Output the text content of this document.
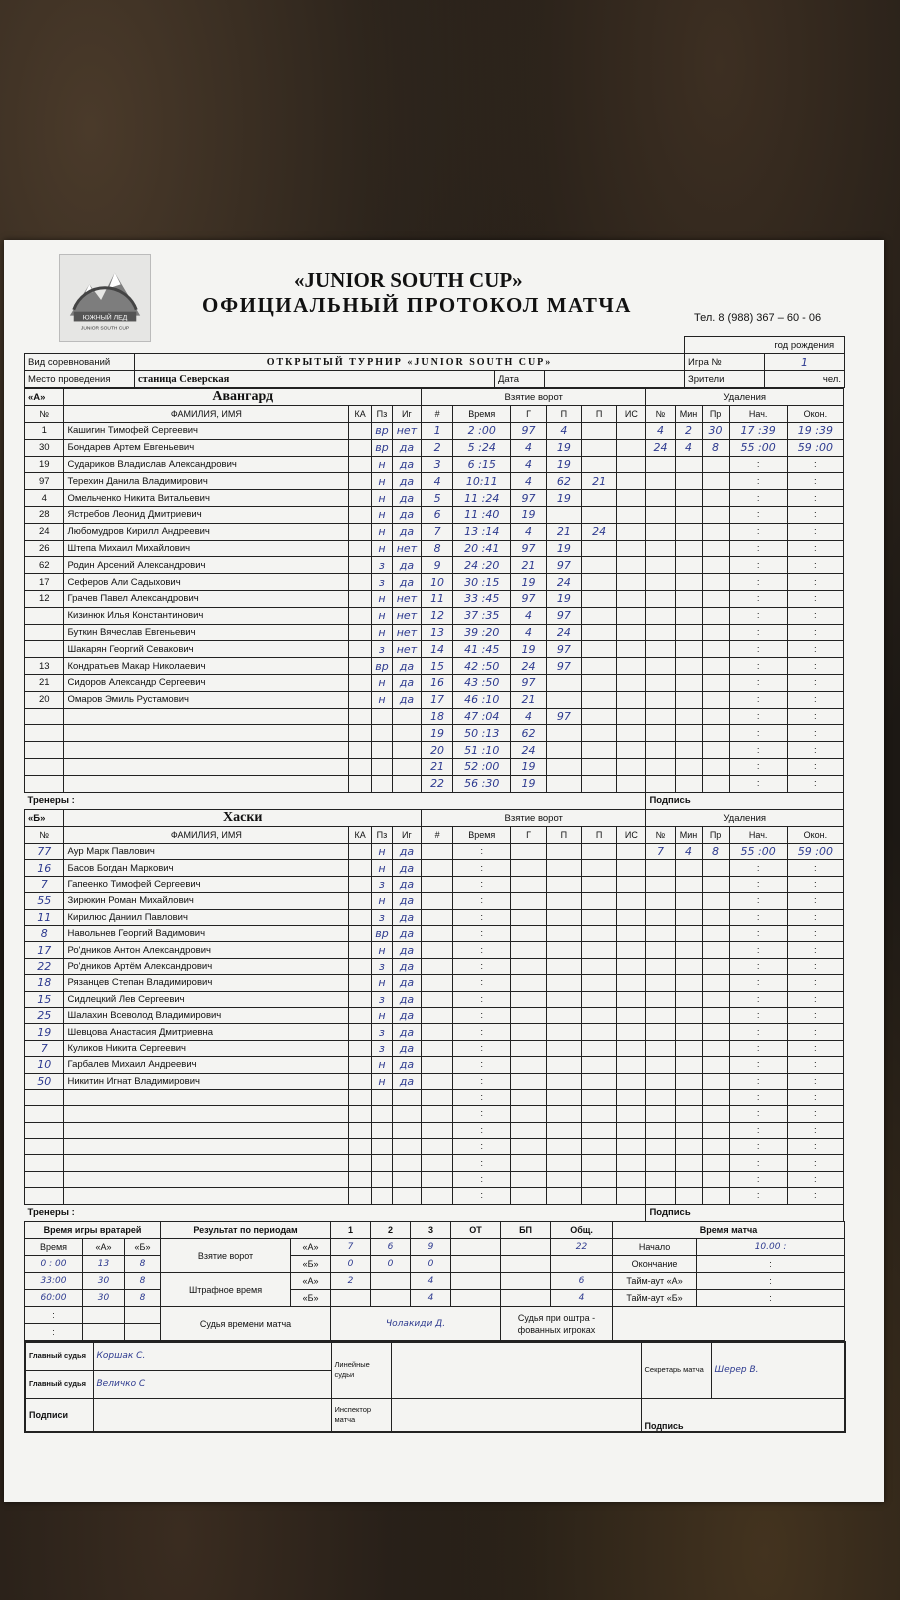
ЮЖНЫЙ ЛЕД
JUNIOR SOUTH CUP
«JUNIOR SOUTH CUP»
ОФИЦИАЛЬНЫЙ ПРОТОКОЛ МАТЧА
Тел. 8 (988) 367 – 60 - 06
					год рождения
Вид соревнований	ОТКРЫТЫЙ ТУРНИР «JUNIOR SOUTH CUP»			Игра №	1
Место проведения	станица Северская	Дата		Зрители	чел.
«А»	Авангард				Взятие ворот						Удаления				
№	ФАМИЛИЯ, ИМЯ	КА	Пз	Иг	#	Время	Г	П	П	ИС	№	Мин	Пр	Нач.	Окон.
1	Кашигин Тимофей Сергеевич		вр	нет	1	2 :00	97	4			4	2	30	17 :39	19 :39
30	Бондарев Артем Евгеньевич		вр	да	2	5 :24	4	19			24	4	8	55 :00	59 :00
19	Судариков Владислав Александрович		н	да	3	6 :15	4	19						:	:
97	Терехин Данила Владимирович		н	да	4	10:11	4	62	21					:	:
4	Омельченко Никита Витальевич		н	да	5	11 :24	97	19						:	:
28	Ястребов Леонид Дмитриевич		н	да	6	11 :40	19							:	:
24	Любомудров Кирилл Андреевич		н	да	7	13 :14	4	21	24					:	:
26	Штепа Михаил Михайлович		н	нет	8	20 :41	97	19						:	:
62	Родин Арсений Александрович		з	да	9	24 :20	21	97						:	:
17	Сеферов Али Садыхович		з	да	10	30 :15	19	24						:	:
12	Грачев Павел Александрович		н	нет	11	33 :45	97	19						:	:
	Кизинюк Илья Константинович		н	нет	12	37 :35	4	97						:	:
	Буткин Вячеслав Евгеньевич		н	нет	13	39 :20	4	24						:	:
	Шакарян Георгий Севакович		з	нет	14	41 :45	19	97						:	:
13	Кондратьев Макар Николаевич		вр	да	15	42 :50	24	97						:	:
21	Сидоров Александр Сергеевич		н	да	16	43 :50	97							:	:
20	Омаров Эмиль Рустамович		н	да	17	46 :10	21							:	:
					18	47 :04	4	97						:	:
					19	50 :13	62							:	:
					20	51 :10	24							:	:
					21	52 :00	19							:	:
					22	56 :30	19							:	:
Тренеры :											Подпись				
«Б»	Хаски				Взятие ворот						Удаления				
№	ФАМИЛИЯ, ИМЯ	КА	Пз	Иг	#	Время	Г	П	П	ИС	№	Мин	Пр	Нач.	Окон.
77	Аур Марк Павлович		н	да		:					7	4	8	55 :00	59 :00
16	Басов Богдан Маркович		н	да		:								:	:
7	Гапеенко Тимофей Сергеевич		з	да		:								:	:
55	Зирюкин Роман Михайлович		н	да		:								:	:
11	Кирилюс Даниил Павлович		з	да		:								:	:
8	Навольнев Георгий Вадимович		вр	да		:								:	:
17	Ро'дников Антон Александрович		н	да		:								:	:
22	Ро'дников Артём Александрович		з	да		:								:	:
18	Рязанцев Степан Владимирович		н	да		:								:	:
15	Сидлецкий Лев Сергеевич		з	да		:								:	:
25	Шалахин Всеволод Владимирович		н	да		:								:	:
19	Шевцова Анастасия Дмитриевна		з	да		:								:	:
7	Куликов Никита Сергеевич		з	да		:								:	:
10	Гарбалев Михаил Андреевич		н	да		:								:	:
50	Никитин Игнат Владимирович		н	да		:								:	:
						:								:	:
						:								:	:
						:								:	:
						:								:	:
						:								:	:
						:								:	:
						:								:	:
Тренеры :											Подпись				
Время игры вратарей			Результат по периодам		1	2	3	ОТ	БП	Общ.	Время матча	
Время	«А»	«Б»	Взятие ворот	«А»	7	6	9			22	Начало	10.00 :
0 : 00	13	8		«Б»	0	0	0				Окончание	:
33:00	30	8	Штрафное время	«А»	2		4			6	Тайм-аут «А»	:
60:00	30	8		«Б»			4			4	Тайм-аут «Б»	:
:			Судья времени матча		Чолакиди Д.				Судья при оштра - фованных игроках			
:												
Главный судья	Коршак С.	Линейные судьи		Секретарь матча	Шерер В.
Главный судья	Величко С				
Подписи		Инспектор матча		Подпись	
